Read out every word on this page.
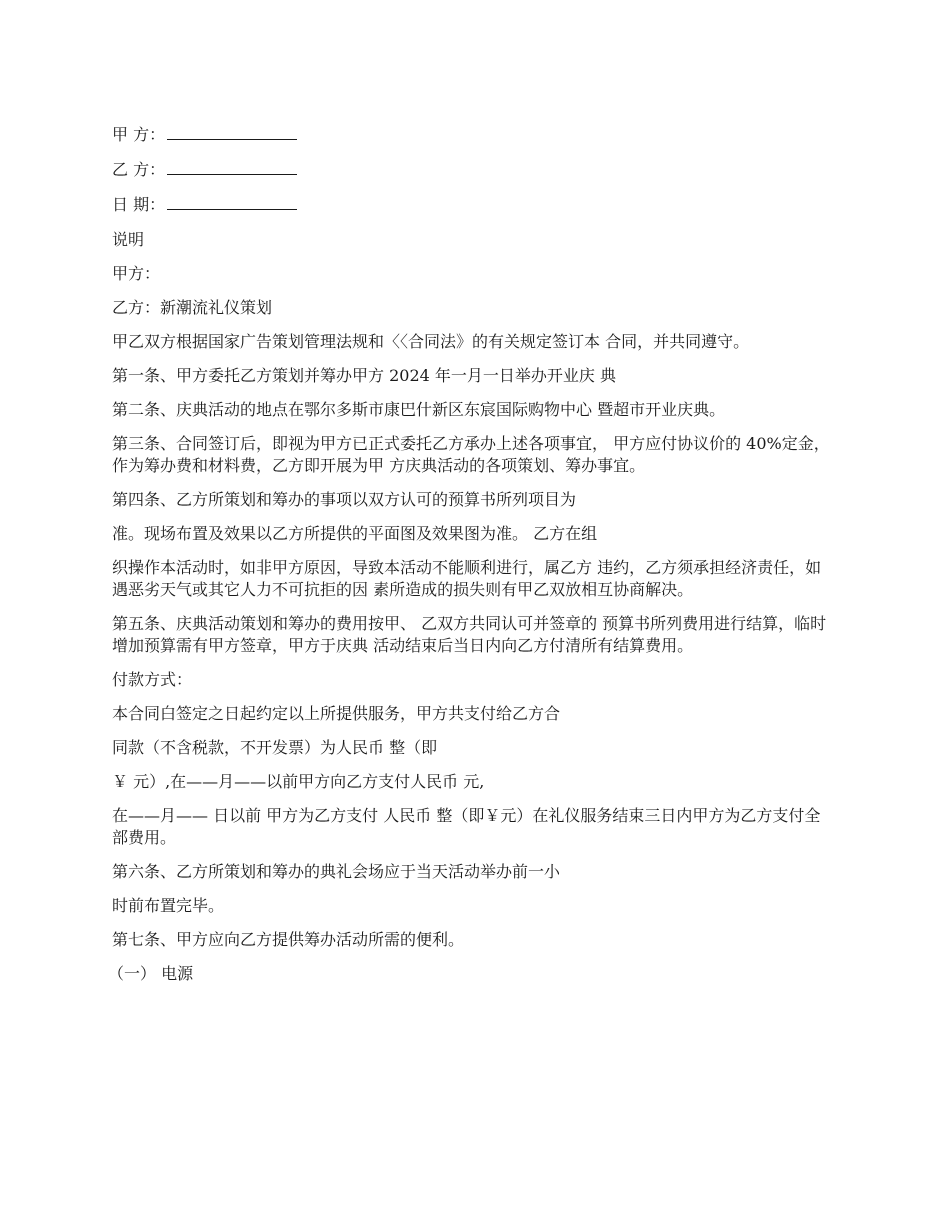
甲 方：
乙 方：
日 期：

说明

甲方：

乙方：新潮流礼仪策划

甲乙双方根据国家广告策划管理法规和〈〈合同法》的有关规定签订本 合同，并共同遵守。

第一条、甲方委托乙方策划并筹办甲方 2024 年一月一日举办开业庆 典

第二条、庆典活动的地点在鄂尔多斯市康巴什新区东宸国际购物中心 暨超市开业庆典。

第三条、合同签订后，即视为甲方已正式委托乙方承办上述各项事宜， 甲方应付协议价的 40%定金，作为筹办费和材料费，乙方即开展为甲 方庆典活动的各项策划、筹办事宜。

第四条、乙方所策划和筹办的事项以双方认可的预算书所列项目为

准。现场布置及效果以乙方所提供的平面图及效果图为准。 乙方在组

织操作本活动时，如非甲方原因，导致本活动不能顺利进行，属乙方 违约，乙方须承担经济责任，如遇恶劣天气或其它人力不可抗拒的因 素所造成的损失则有甲乙双放相互协商解决。

第五条、庆典活动策划和筹办的费用按甲、 乙双方共同认可并签章的 预算书所列费用进行结算，临时增加预算需有甲方签章，甲方于庆典 活动结束后当日内向乙方付清所有结算费用。

付款方式：

本合同白签定之日起约定以上所提供服务，甲方共支付给乙方合

同款（不含税款，不开发票）为人民币 整（即

￥ 元）,在——月——以前甲方向乙方支付人民币 元,

在——月—— 日以前 甲方为乙方支付 人民币 整（即￥元）在礼仪服务结束三日内甲方为乙方支付全部费用。

第六条、乙方所策划和筹办的典礼会场应于当天活动举办前一小

时前布置完毕。

第七条、甲方应向乙方提供筹办活动所需的便利。

（一） 电源
